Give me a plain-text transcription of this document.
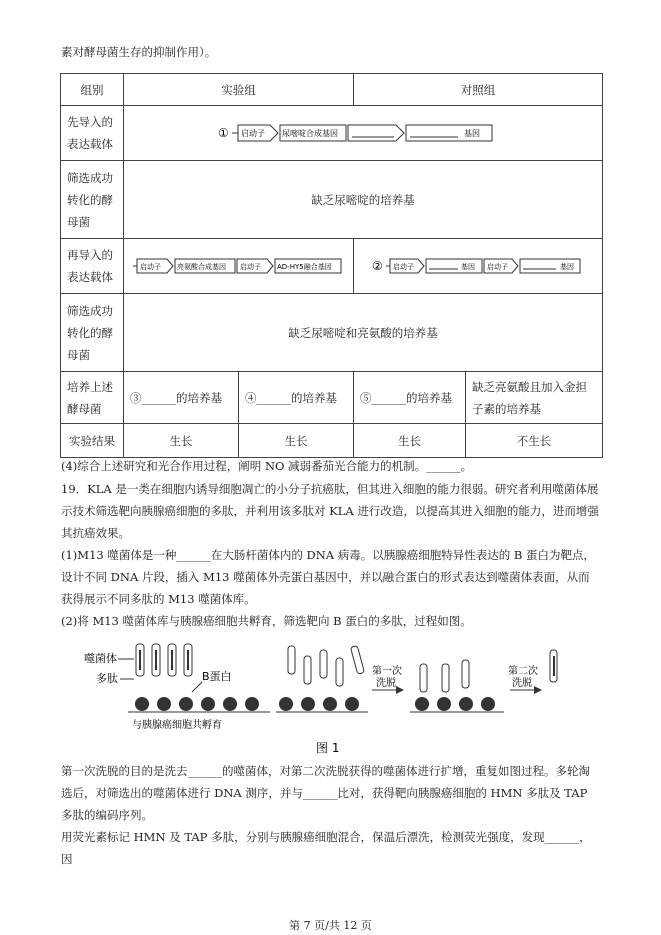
素对酵母菌生存的抑制作用）。
组别	实验组		对照组	
先导入的表达载体	① 启动子 尿嘧啶合成基因 基因			

筛选成功转化的酵母菌	缺乏尿嘧啶的培养基			
再导入的表达载体	启动子 亮氨酸合成基因 启动子 AD-HY5融合基因		② 启动子 基因 启动子 基因	

筛选成功转化的酵母菌	缺乏尿嘧啶和亮氨酸的培养基			
培养上述酵母菌	③______的培养基	④______的培养基	⑤______的培养基	缺乏亮氨酸且加入金担子素的培养基
实验结果	生长	生长	生长	不生长
(4)综合上述研究和光合作用过程，阐明 NO 减弱番茄光合能力的机制。______。
19．KLA 是一类在细胞内诱导细胞凋亡的小分子抗癌肽，但其进入细胞的能力很弱。研究者利用噬菌体展示技术筛选靶向胰腺癌细胞的多肽，并利用该多肽对 KLA 进行改造，以提高其进入细胞的能力，进而增强其抗癌效果。
(1)M13 噬菌体是一种______在大肠杆菌体内的 DNA 病毒。以胰腺癌细胞特异性表达的 B 蛋白为靶点，设计不同 DNA 片段，插入 M13 噬菌体外壳蛋白基因中，并以融合蛋白的形式表达到噬菌体表面，从而获得展示不同多肽的 M13 噬菌体库。
(2)将 M13 噬菌体库与胰腺癌细胞共孵育，筛选靶向 B 蛋白的多肽，过程如图。
噬菌体
多肽	B蛋白
与胰腺癌细胞共孵育
第一次
洗脱
第二次
洗脱
图 1
第一次洗脱的目的是洗去______的噬菌体，对第二次洗脱获得的噬菌体进行扩增，重复如图过程。多轮淘选后，对筛选出的噬菌体进行 DNA 测序，并与______比对，获得靶向胰腺癌细胞的 HMN 多肽及 TAP 多肽的编码序列。
用荧光素标记 HMN 及 TAP 多肽，分别与胰腺癌细胞混合，保温后漂洗，检测荧光强度，发现______，因
第 7 页/共 12 页
